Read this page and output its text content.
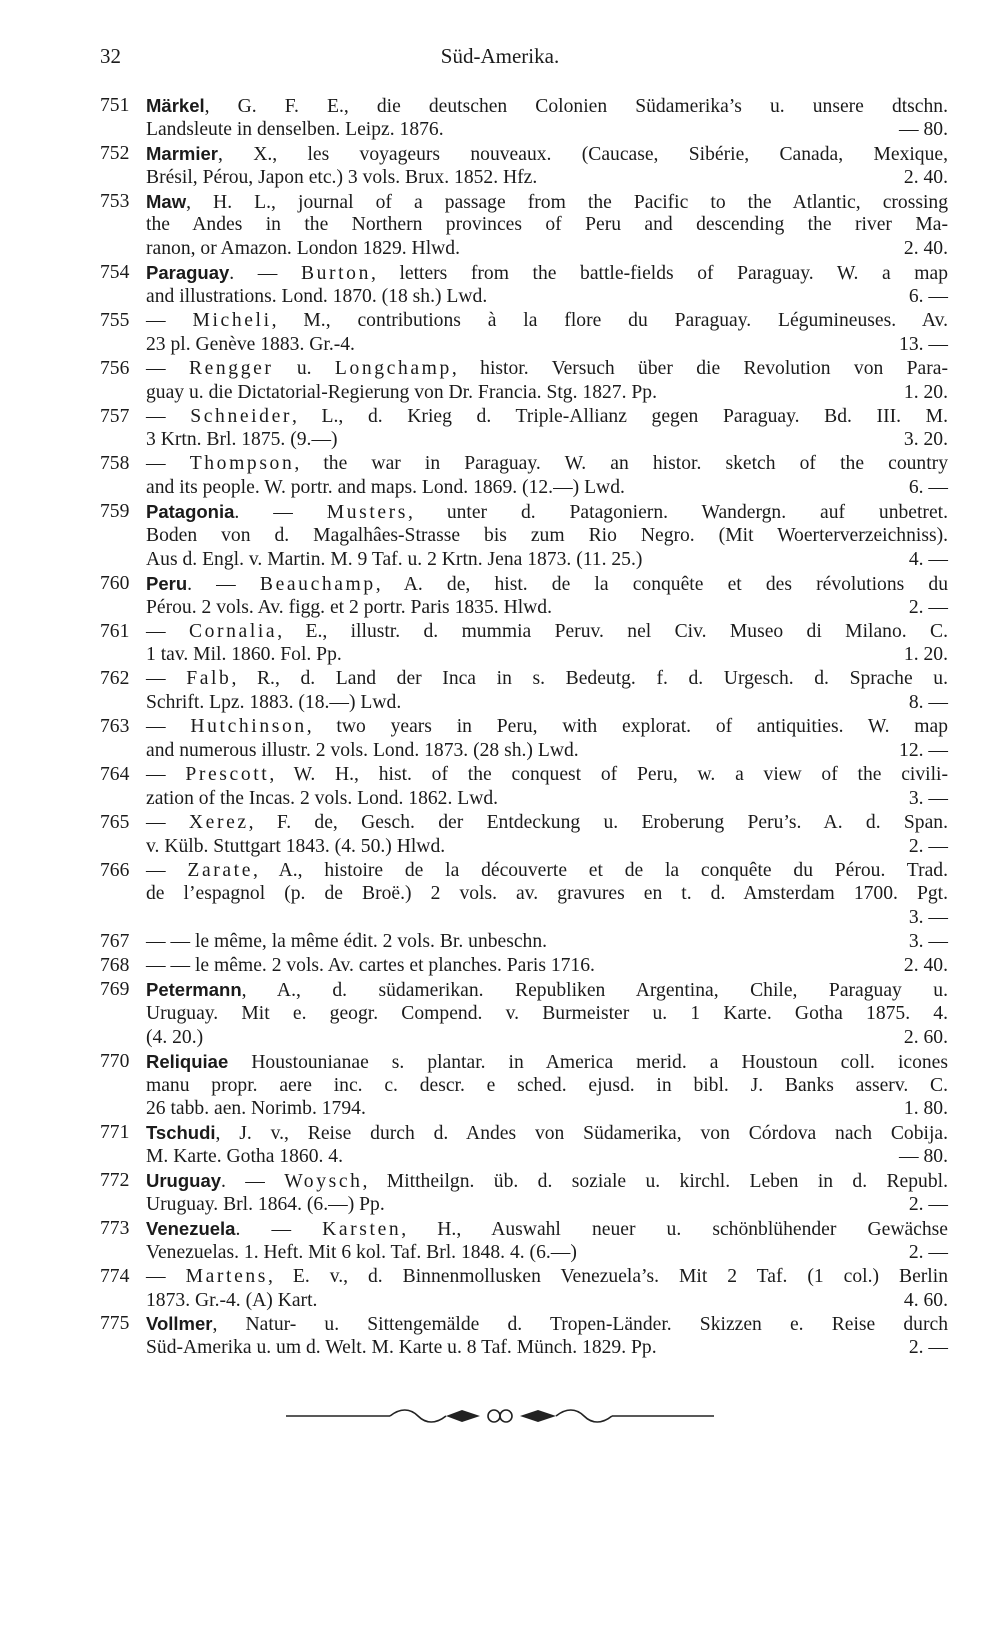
32	Süd-Amerika.
751 Märkel, G. F. E., die deutschen Colonien Südamerika’s u. unsere dtschn.
Landsleute in denselben. Leipz. 1876.	— 80.
752 Marmier, X., les voyageurs nouveaux. (Caucase, Sibérie, Canada, Mexique,
Brésil, Pérou, Japon etc.) 3 vols. Brux. 1852. Hfz.	2. 40.
753 Maw, H. L., journal of a passage from the Pacific to the Atlantic, crossing
the Andes in the Northern provinces of Peru and descending the river Ma-
ranon, or Amazon. London 1829. Hlwd.	2. 40.
754 Paraguay. — Burton, letters from the battle-fields of Paraguay. W. a map
and illustrations. Lond. 1870. (18 sh.) Lwd.	6. —
755 — Micheli, M., contributions à la flore du Paraguay. Légumineuses. Av.
23 pl. Genève 1883. Gr.-4.	13. —
756 — Rengger u. Longchamp, histor. Versuch über die Revolution von Para-
guay u. die Dictatorial-Regierung von Dr. Francia. Stg. 1827. Pp.	1. 20.
757 — Schneider, L., d. Krieg d. Triple-Allianz gegen Paraguay. Bd. III. M.
3 Krtn. Brl. 1875. (9.—)	3. 20.
758 — Thompson, the war in Paraguay. W. an histor. sketch of the country
and its people. W. portr. and maps. Lond. 1869. (12.—) Lwd.	6. —
759 Patagonia. — Musters, unter d. Patagoniern. Wandergn. auf unbetret.
Boden von d. Magalhâes-Strasse bis zum Rio Negro. (Mit Woerterverzeichniss).
Aus d. Engl. v. Martin. M. 9 Taf. u. 2 Krtn. Jena 1873. (11. 25.)	4. —
760 Peru. — Beauchamp, A. de, hist. de la conquête et des révolutions du
Pérou. 2 vols. Av. figg. et 2 portr. Paris 1835. Hlwd.	2. —
761 — Cornalia, E., illustr. d. mummia Peruv. nel Civ. Museo di Milano. C.
1 tav. Mil. 1860. Fol. Pp.	1. 20.
762 — Falb, R., d. Land der Inca in s. Bedeutg. f. d. Urgesch. d. Sprache u.
Schrift. Lpz. 1883. (18.—) Lwd.	8. —
763 — Hutchinson, two years in Peru, with explorat. of antiquities. W. map
and numerous illustr. 2 vols. Lond. 1873. (28 sh.) Lwd.	12. —
764 — Prescott, W. H., hist. of the conquest of Peru, w. a view of the civili-
zation of the Incas. 2 vols. Lond. 1862. Lwd.	3. —
765 — Xerez, F. de, Gesch. der Entdeckung u. Eroberung Peru’s. A. d. Span.
v. Külb. Stuttgart 1843. (4. 50.) Hlwd.	2. —
766 — Zarate, A., histoire de la découverte et de la conquête du Pérou. Trad.
de l’espagnol (p. de Broë.) 2 vols. av. gravures en t. d. Amsterdam 1700. Pgt.
3. —
767 — — le même, la même édit. 2 vols. Br. unbeschn.	3. —
768 — — le même. 2 vols. Av. cartes et planches. Paris 1716.	2. 40.
769 Petermann, A., d. südamerikan. Republiken Argentina, Chile, Paraguay u.
Uruguay. Mit e. geogr. Compend. v. Burmeister u. 1 Karte. Gotha 1875. 4.
(4. 20.)	2. 60.
770 Reliquiae Houstounianae s. plantar. in America merid. a Houstoun coll. icones
manu propr. aere inc. c. descr. e sched. ejusd. in bibl. J. Banks asserv. C.
26 tabb. aen. Norimb. 1794.	1. 80.
771 Tschudi, J. v., Reise durch d. Andes von Südamerika, von Córdova nach Cobija.
M. Karte. Gotha 1860. 4.	— 80.
772 Uruguay. — Woysch, Mittheilgn. üb. d. soziale u. kirchl. Leben in d. Republ.
Uruguay. Brl. 1864. (6.—) Pp.	2. —
773 Venezuela. — Karsten, H., Auswahl neuer u. schönblühender Gewächse
Venezuelas. 1. Heft. Mit 6 kol. Taf. Brl. 1848. 4. (6.—)	2. —
774 — Martens, E. v., d. Binnenmollusken Venezuela’s. Mit 2 Taf. (1 col.) Berlin
1873. Gr.-4. (A) Kart.	4. 60.
775 Vollmer, Natur- u. Sittengemälde d. Tropen-Länder. Skizzen e. Reise durch
Süd-Amerika u. um d. Welt. M. Karte u. 8 Taf. Münch. 1829. Pp.	2. —
